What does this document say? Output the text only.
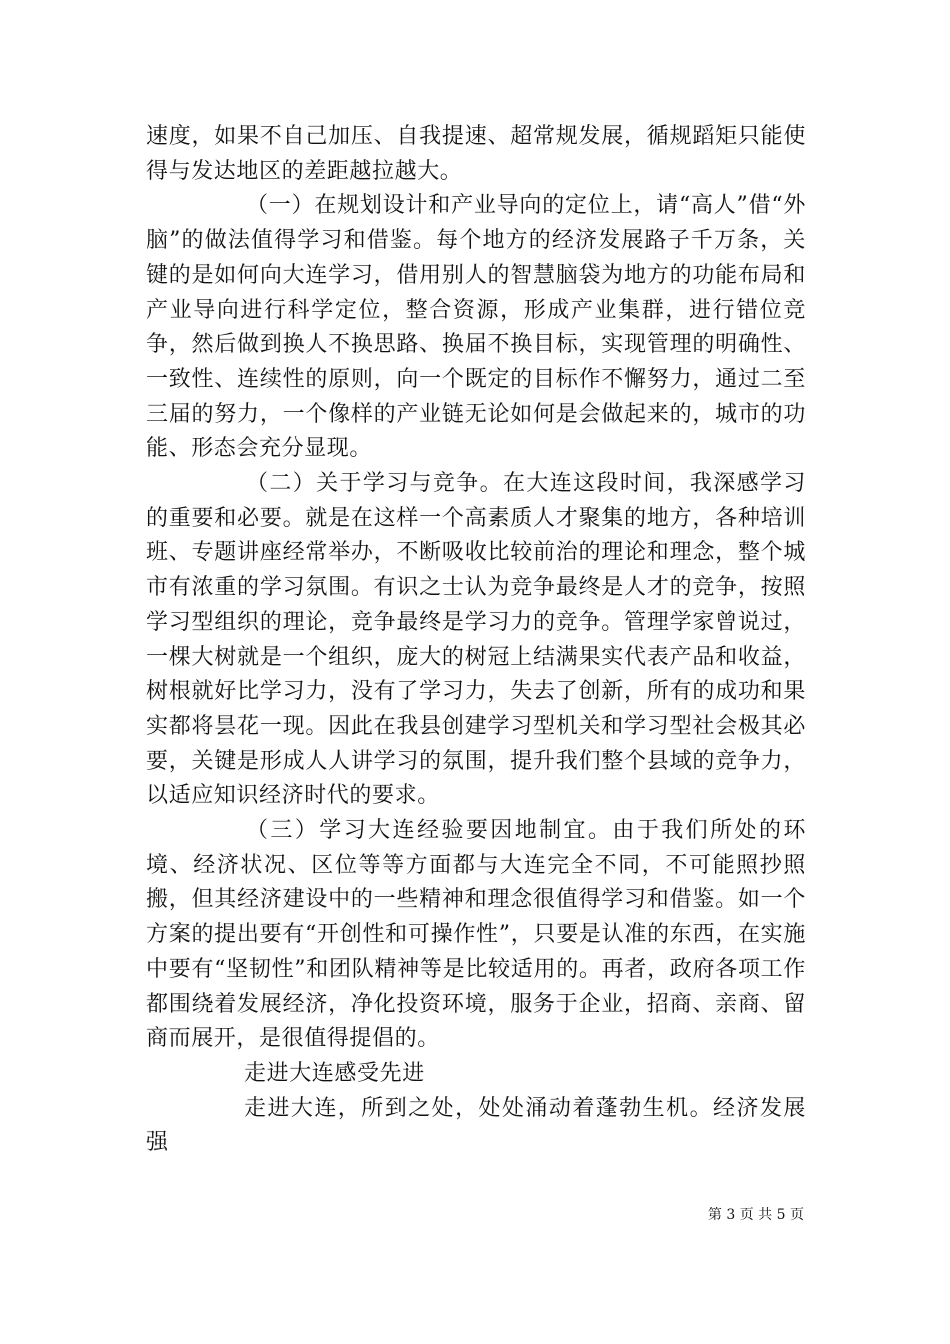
速度，如果不自己加压、自我提速、超常规发展，循规蹈矩只能使得与发达地区的差距越拉越大。

（一）在规划设计和产业导向的定位上，请“高人”借“外脑”的做法值得学习和借鉴。每个地方的经济发展路子千万条，关键的是如何向大连学习，借用别人的智慧脑袋为地方的功能布局和产业导向进行科学定位，整合资源，形成产业集群，进行错位竞争，然后做到换人不换思路、换届不换目标，实现管理的明确性、一致性、连续性的原则，向一个既定的目标作不懈努力，通过二至三届的努力，一个像样的产业链无论如何是会做起来的，城市的功能、形态会充分显现。

（二）关于学习与竞争。在大连这段时间，我深感学习的重要和必要。就是在这样一个高素质人才聚集的地方，各种培训班、专题讲座经常举办，不断吸收比较前治的理论和理念，整个城市有浓重的学习氛围。有识之士认为竞争最终是人才的竞争，按照学习型组织的理论，竞争最终是学习力的竞争。管理学家曾说过，一棵大树就是一个组织，庞大的树冠上结满果实代表产品和收益，树根就好比学习力，没有了学习力，失去了创新，所有的成功和果实都将昙花一现。因此在我县创建学习型机关和学习型社会极其必要，关键是形成人人讲学习的氛围，提升我们整个县域的竞争力，以适应知识经济时代的要求。

（三）学习大连经验要因地制宜。由于我们所处的环境、经济状况、区位等等方面都与大连完全不同，不可能照抄照搬，但其经济建设中的一些精神和理念很值得学习和借鉴。如一个方案的提出要有“开创性和可操作性”，只要是认准的东西，在实施中要有“坚韧性”和团队精神等是比较适用的。再者，政府各项工作都围绕着发展经济，净化投资环境，服务于企业，招商、亲商、留商而展开，是很值得提倡的。

走进大连感受先进

走进大连，所到之处，处处涌动着蓬勃生机。经济发展强

第 3 页 共 5 页
